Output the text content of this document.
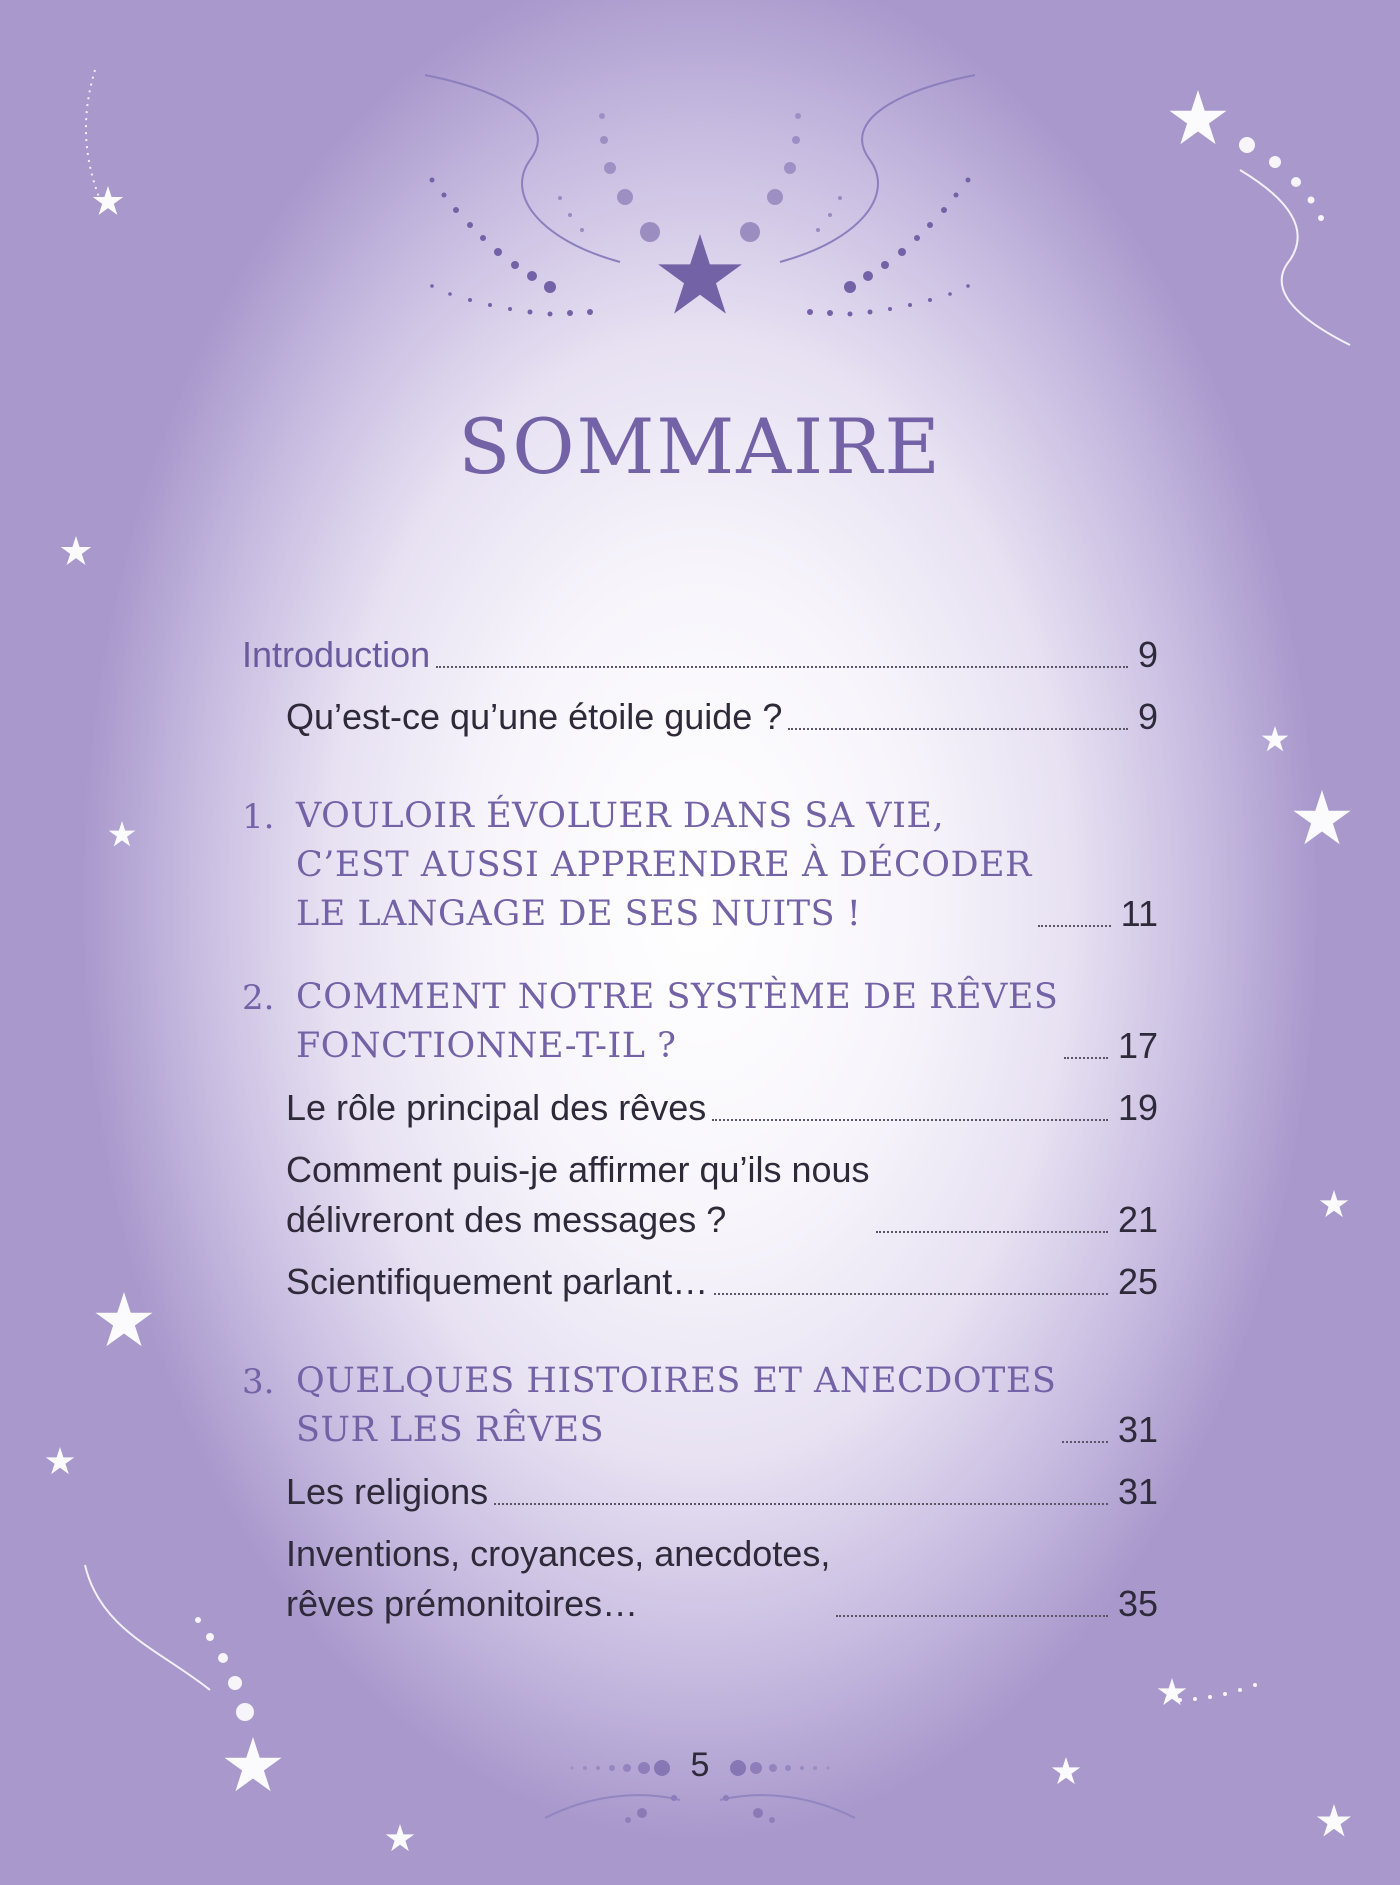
SOMMAIRE
Introduction	9
Qu’est-ce qu’une étoile guide ?	9
1. VOULOIR ÉVOLUER DANS SA VIE,
C’EST AUSSI APPRENDRE À DÉCODER
LE LANGAGE DE SES NUITS !	11
2. COMMENT NOTRE SYSTÈME DE RÊVES
FONCTIONNE-T-IL ?	17
Le rôle principal des rêves	19
Comment puis-je affirmer qu’ils nous
délivreront des messages ?	21
Scientifiquement parlant…	25
3. QUELQUES HISTOIRES ET ANECDOTES
SUR LES RÊVES	31
Les religions	31
Inventions, croyances, anecdotes,
rêves prémonitoires…	35
5
